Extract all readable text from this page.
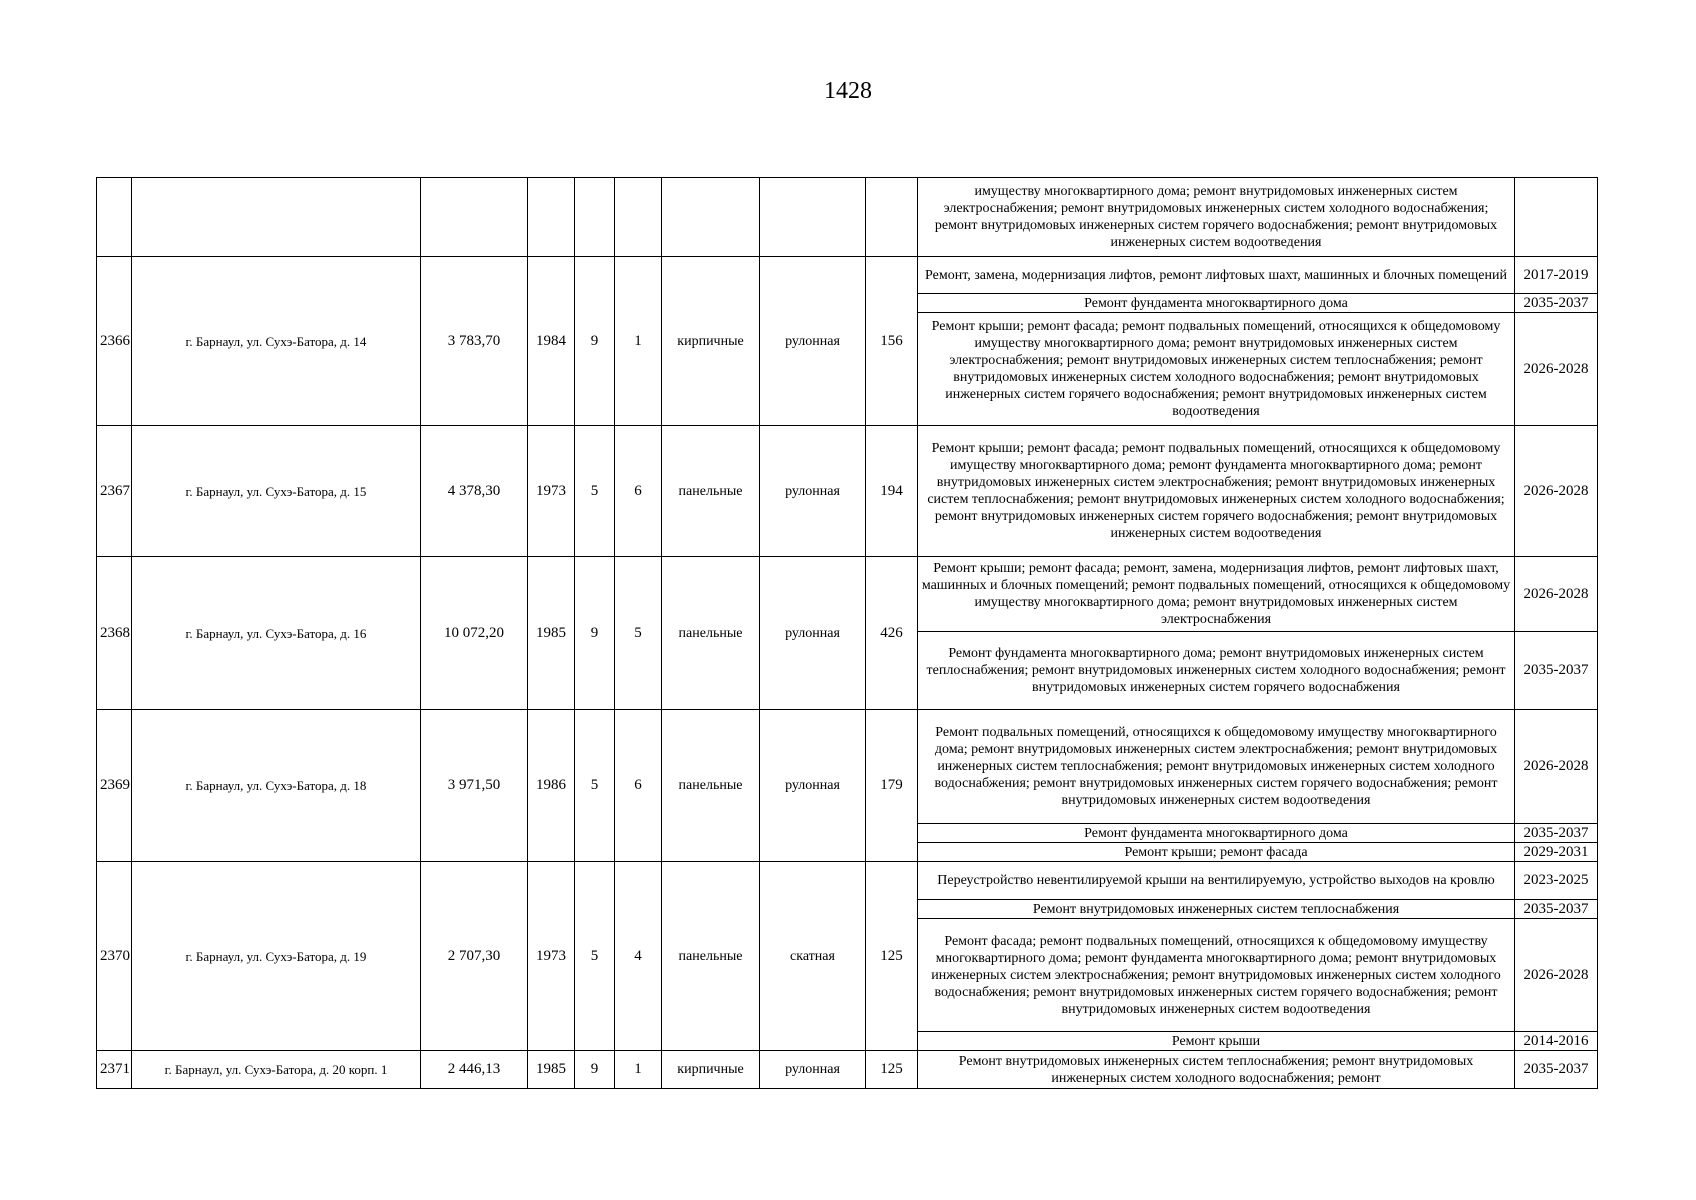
1428
									имуществу многоквартирного дома; ремонт внутридомовых инженерных систем электроснабжения; ремонт внутридомовых инженерных систем холодного водоснабжения; ремонт внутридомовых инженерных систем горячего водоснабжения; ремонт внутридомовых инженерных систем водоотведения	
2366	г. Барнаул, ул. Сухэ-Батора, д. 14	3 783,70	1984	9	1	кирпичные	рулонная	156	Ремонт, замена, модернизация лифтов, ремонт лифтовых шахт, машинных и блочных помещений	2017-2019
									Ремонт фундамента многоквартирного дома	2035-2037
									Ремонт крыши; ремонт фасада; ремонт подвальных помещений, относящихся к общедомовому имуществу многоквартирного дома; ремонт внутридомовых инженерных систем электроснабжения; ремонт внутридомовых инженерных систем теплоснабжения; ремонт внутридомовых инженерных систем холодного водоснабжения; ремонт внутридомовых инженерных систем горячего водоснабжения; ремонт внутридомовых инженерных систем водоотведения	2026-2028
2367	г. Барнаул, ул. Сухэ-Батора, д. 15	4 378,30	1973	5	6	панельные	рулонная	194	Ремонт крыши; ремонт фасада; ремонт подвальных помещений, относящихся к общедомовому имуществу многоквартирного дома; ремонт фундамента многоквартирного дома; ремонт внутридомовых инженерных систем электроснабжения; ремонт внутридомовых инженерных систем теплоснабжения; ремонт внутридомовых инженерных систем холодного водоснабжения; ремонт внутридомовых инженерных систем горячего водоснабжения; ремонт внутридомовых инженерных систем водоотведения	2026-2028
2368	г. Барнаул, ул. Сухэ-Батора, д. 16	10 072,20	1985	9	5	панельные	рулонная	426	Ремонт крыши; ремонт фасада; ремонт, замена, модернизация лифтов, ремонт лифтовых шахт, машинных и блочных помещений; ремонт подвальных помещений, относящихся к общедомовому имуществу многоквартирного дома; ремонт внутридомовых инженерных систем электроснабжения	2026-2028
									Ремонт фундамента многоквартирного дома; ремонт внутридомовых инженерных систем теплоснабжения; ремонт внутридомовых инженерных систем холодного водоснабжения; ремонт внутридомовых инженерных систем горячего водоснабжения	2035-2037
2369	г. Барнаул, ул. Сухэ-Батора, д. 18	3 971,50	1986	5	6	панельные	рулонная	179	Ремонт подвальных помещений, относящихся к общедомовому имуществу многоквартирного дома; ремонт внутридомовых инженерных систем электроснабжения; ремонт внутридомовых инженерных систем теплоснабжения; ремонт внутридомовых инженерных систем холодного водоснабжения; ремонт внутридомовых инженерных систем горячего водоснабжения; ремонт внутридомовых инженерных систем водоотведения	2026-2028
									Ремонт фундамента многоквартирного дома	2035-2037
									Ремонт крыши; ремонт фасада	2029-2031
2370	г. Барнаул, ул. Сухэ-Батора, д. 19	2 707,30	1973	5	4	панельные	скатная	125	Переустройство невентилируемой крыши на вентилируемую, устройство выходов на кровлю	2023-2025
									Ремонт внутридомовых инженерных систем теплоснабжения	2035-2037
									Ремонт фасада; ремонт подвальных помещений, относящихся к общедомовому имуществу многоквартирного дома; ремонт фундамента многоквартирного дома; ремонт внутридомовых инженерных систем электроснабжения; ремонт внутридомовых инженерных систем холодного водоснабжения; ремонт внутридомовых инженерных систем горячего водоснабжения; ремонт внутридомовых инженерных систем водоотведения	2026-2028
									Ремонт крыши	2014-2016
2371	г. Барнаул, ул. Сухэ-Батора, д. 20 корп. 1	2 446,13	1985	9	1	кирпичные	рулонная	125	Ремонт внутридомовых инженерных систем теплоснабжения; ремонт внутридомовых инженерных систем холодного водоснабжения; ремонт	2035-2037
